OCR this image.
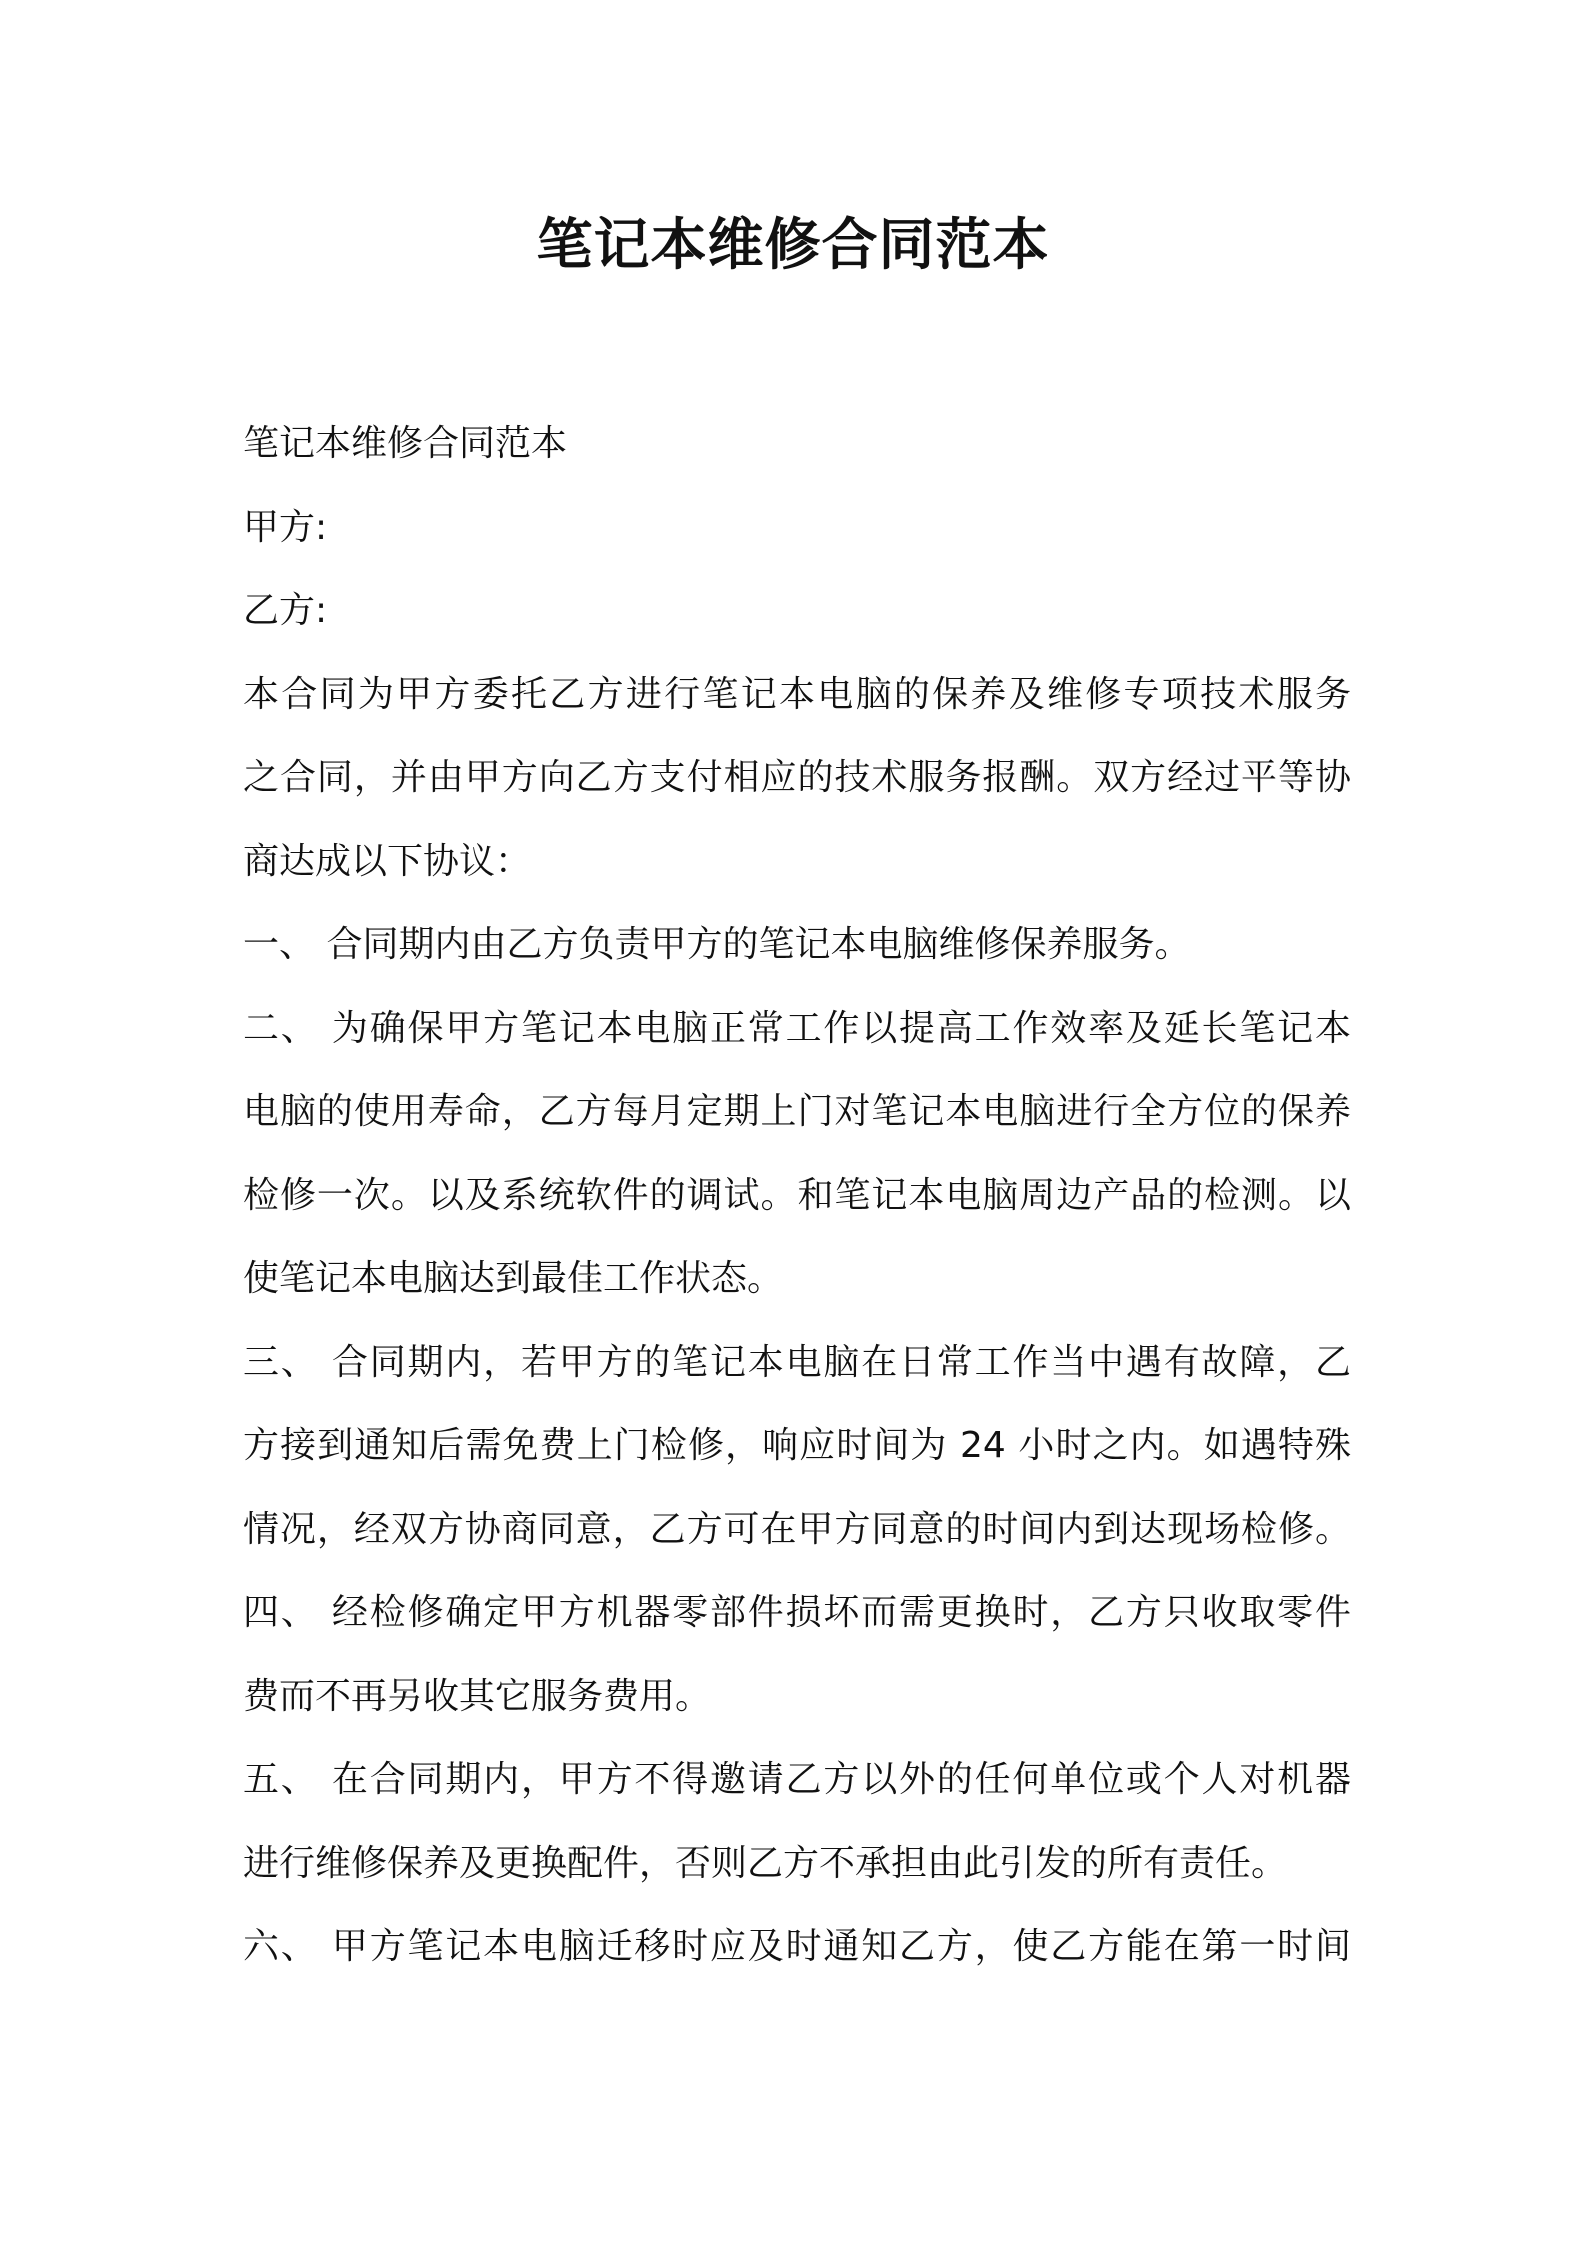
笔记本维修合同范本
笔记本维修合同范本
甲方:
乙方:
本合同为甲方委托乙方进行笔记本电脑的保养及维修专项技术服务
之合同，并由甲方向乙方支付相应的技术服务报酬。双方经过平等协
商达成以下协议：
一、 合同期内由乙方负责甲方的笔记本电脑维修保养服务。
二、 为确保甲方笔记本电脑正常工作以提高工作效率及延长笔记本
电脑的使用寿命，乙方每月定期上门对笔记本电脑进行全方位的保养
检修一次。以及系统软件的调试。和笔记本电脑周边产品的检测。以
使笔记本电脑达到最佳工作状态。
三、 合同期内，若甲方的笔记本电脑在日常工作当中遇有故障，乙
方接到通知后需免费上门检修，响应时间为 24 小时之内。如遇特殊
情况，经双方协商同意，乙方可在甲方同意的时间内到达现场检修。
四、 经检修确定甲方机器零部件损坏而需更换时，乙方只收取零件
费而不再另收其它服务费用。
五、 在合同期内，甲方不得邀请乙方以外的任何单位或个人对机器
进行维修保养及更换配件，否则乙方不承担由此引发的所有责任。
六、 甲方笔记本电脑迁移时应及时通知乙方，使乙方能在第一时间
